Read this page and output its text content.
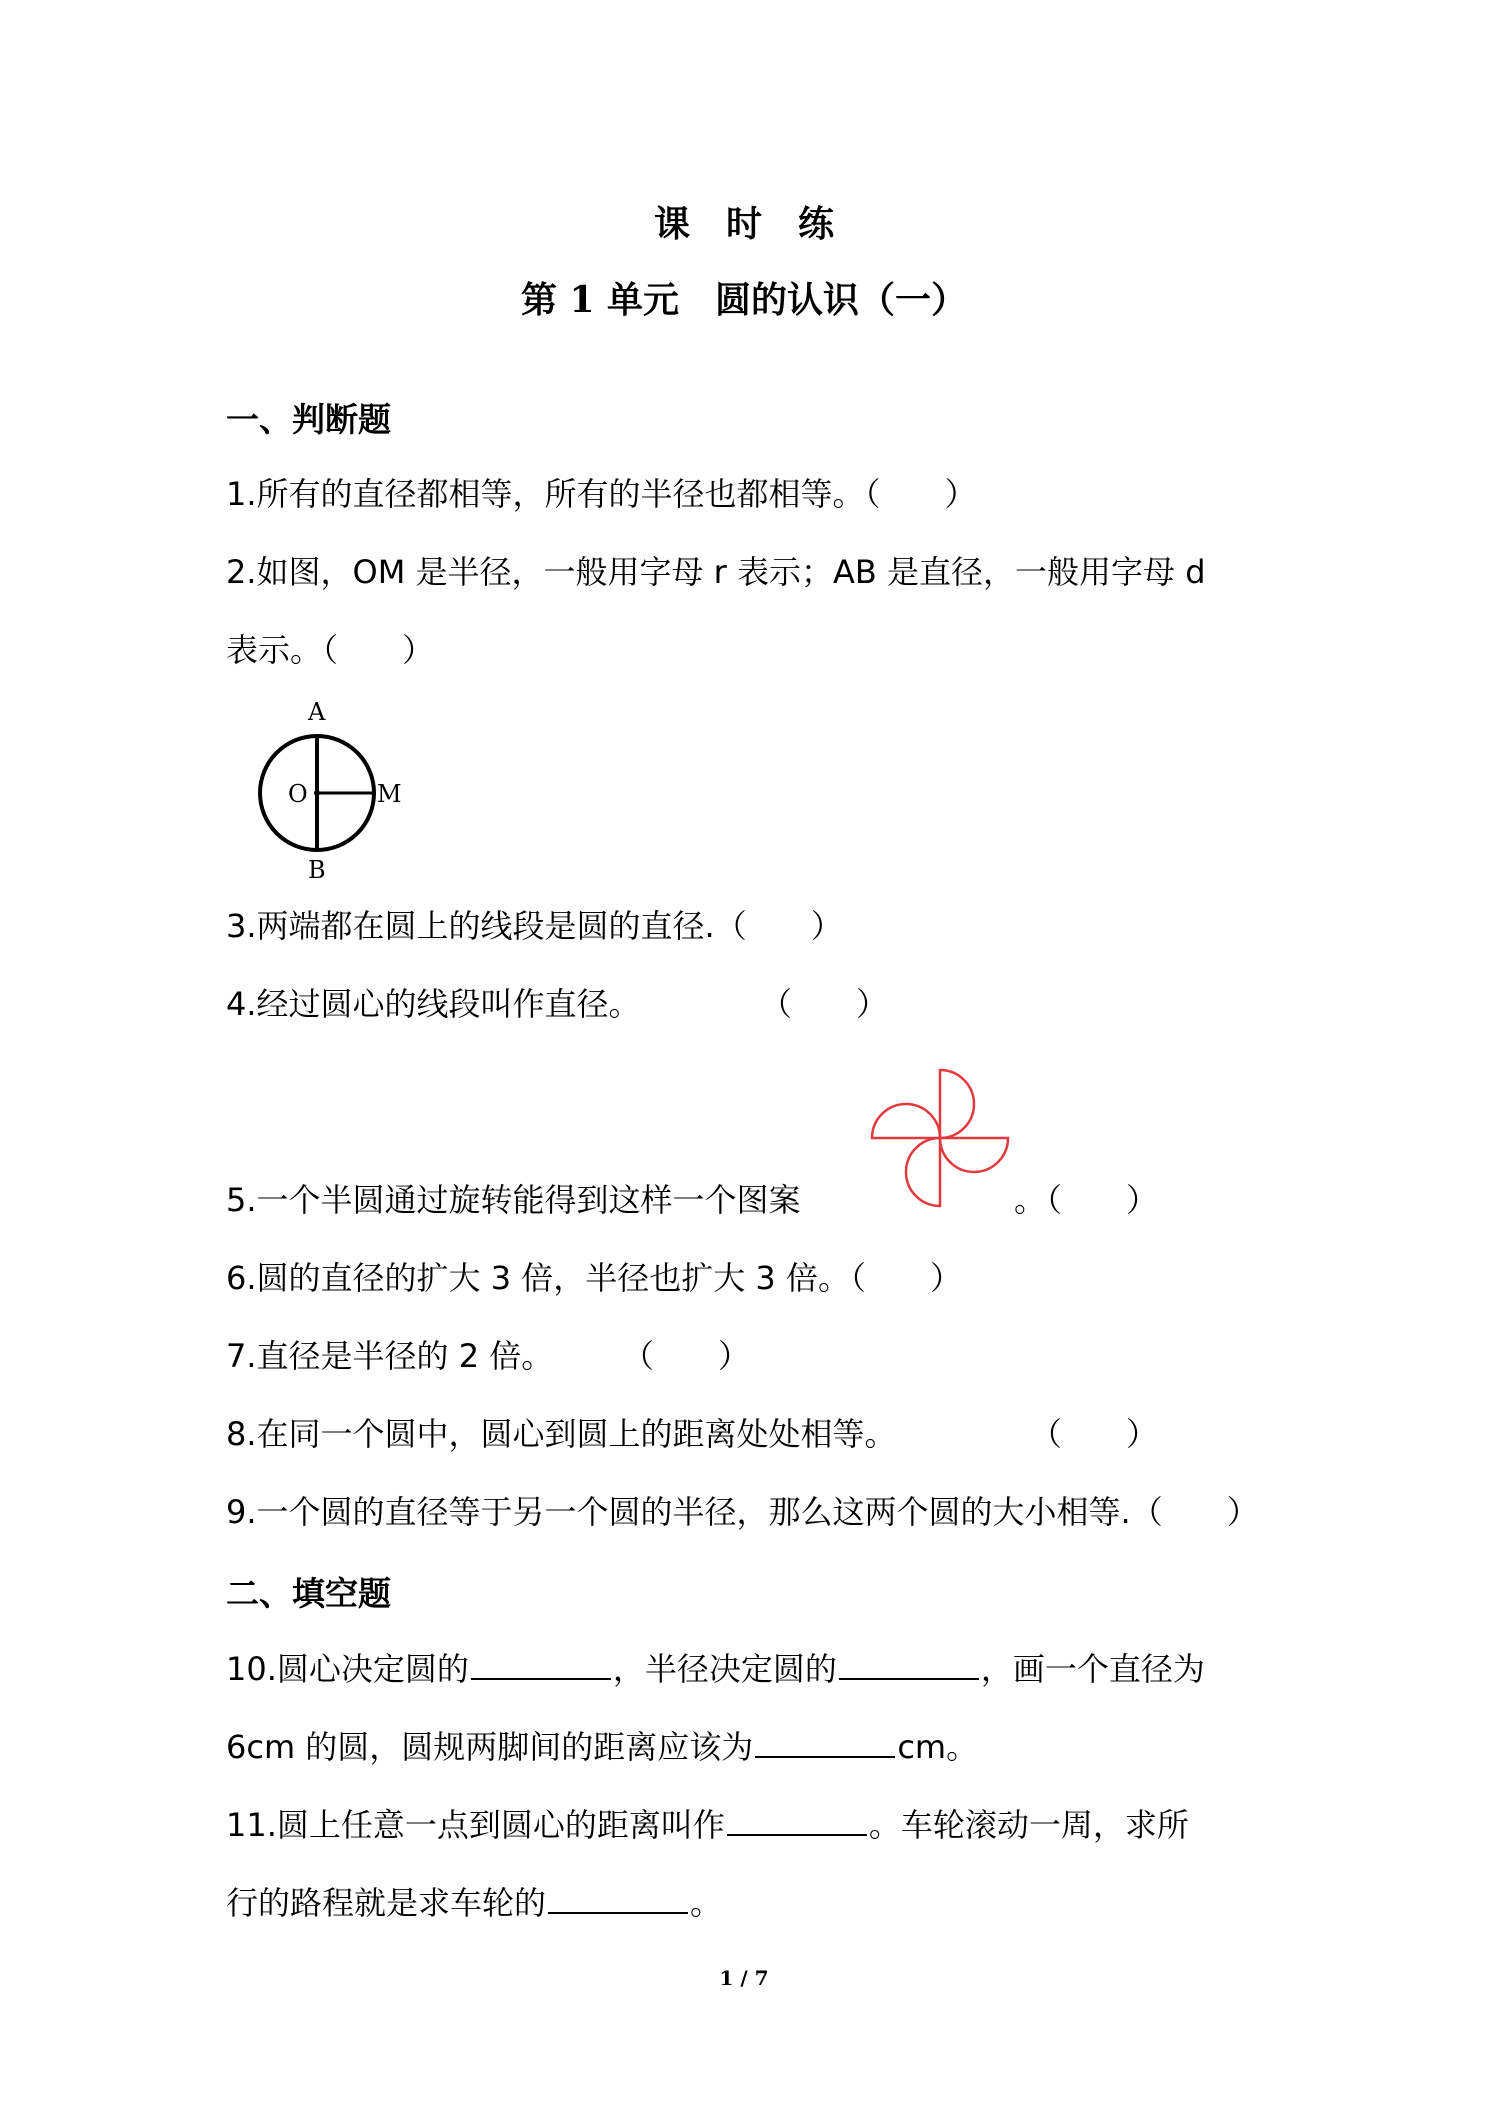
课　时　练
第 1 单元　圆的认识（一）
一、判断题
1.所有的直径都相等，所有的半径也都相等。（　　）
2.如图，OM 是半径，一般用字母 r 表示；AB 是直径，一般用字母 d
表示。（　　）
A
B
O	M
3.两端都在圆上的线段是圆的直径.（　　）
4.经过圆心的线段叫作直径。	（　　）
5.一个半圆通过旋转能得到这样一个图案	。（　　）
6.圆的直径的扩大 3 倍，半径也扩大 3 倍。（　　）
7.直径是半径的 2 倍。 （　　）
8.在同一个圆中，圆心到圆上的距离处处相等。	（　　）
9.一个圆的直径等于另一个圆的半径，那么这两个圆的大小相等.（　　）
二、填空题
10.圆心决定圆的	，半径决定圆的	，画一个直径为
6cm 的圆，圆规两脚间的距离应该为	cm。
11.圆上任意一点到圆心的距离叫作	。车轮滚动一周，求所
行的路程就是求车轮的	。
1 / 7
